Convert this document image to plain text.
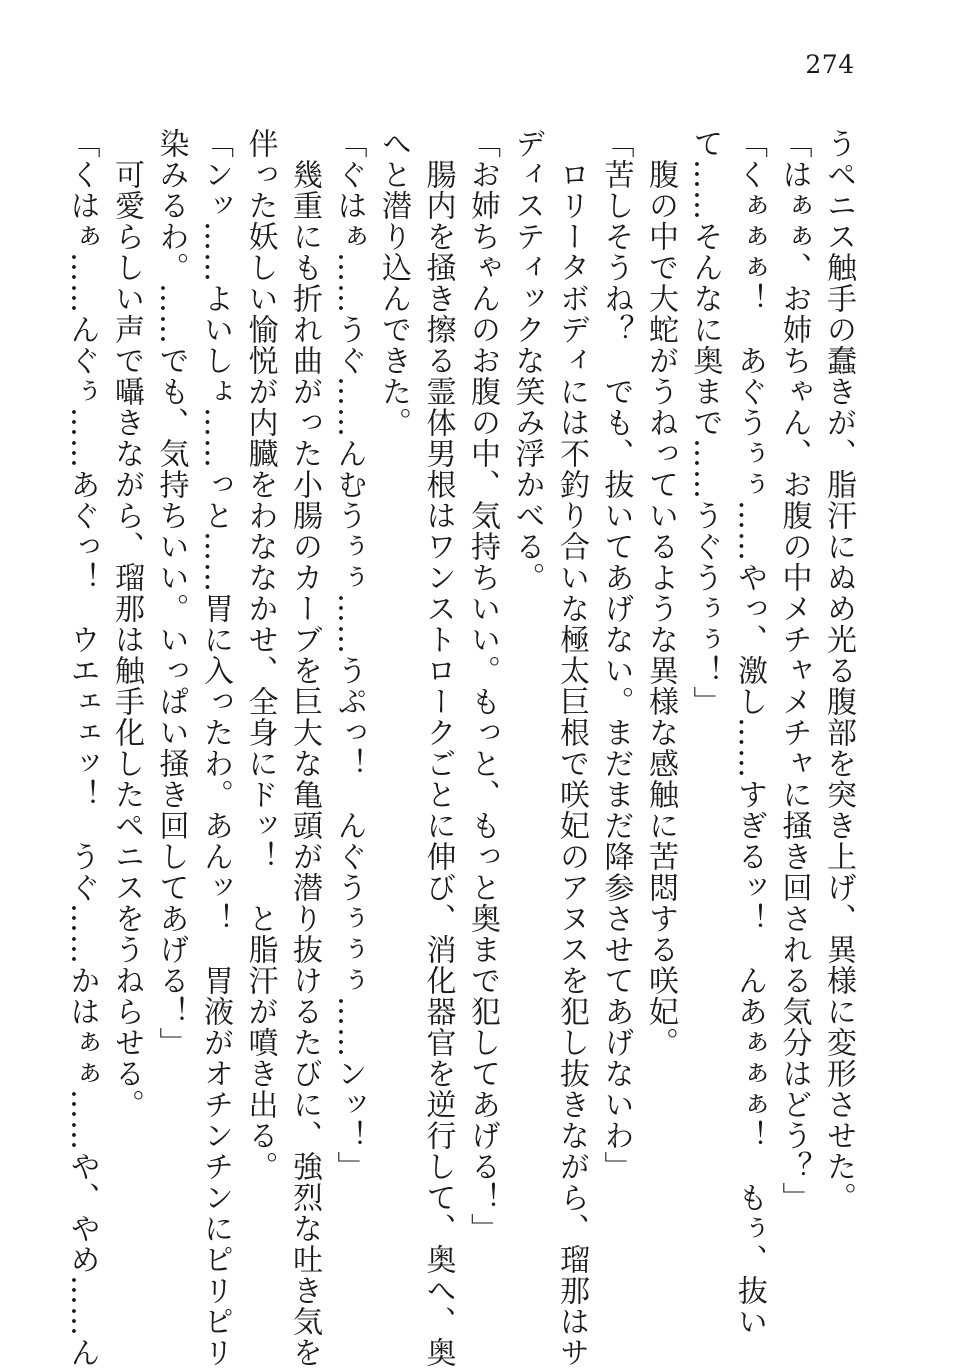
274
うペニス触手の蠢きが、脂汗にぬめ光る腹部を突き上げ、異様に変形させた。
「はぁぁ、お姉ちゃん、お腹の中メチャメチャに掻き回される気分はどう？」
「くぁぁぁ！　あぐうぅぅ……やっ、激し……すぎるッ！　んあぁぁぁ！　もぅ、抜い
て……そんなに奥まで……うぐうぅぅ！」
　腹の中で大蛇がうねっているような異様な感触に苦悶する咲妃。
「苦しそうね？　でも、抜いてあげない。まだまだ降参させてあげないわ」
　ロリータボディには不釣り合いな極太巨根で咲妃のアヌスを犯し抜きながら、瑠那はサ
ディスティックな笑み浮かべる。
「お姉ちゃんのお腹の中、気持ちいい。もっと、もっと奥まで犯してあげる！」
　腸内を掻き擦る霊体男根はワンストロークごとに伸び、消化器官を逆行して、奥へ、奥
へと潜り込んできた。
「ぐはぁ……うぐ……んむうぅぅ……うぷっ！　んぐうぅぅぅ……ンッ！」
　幾重にも折れ曲がった小腸のカーブを巨大な亀頭が潜り抜けるたびに、強烈な吐き気を
伴った妖しい愉悦が内臓をわななかせ、全身にドッ！　と脂汗が噴き出る。
「ンッ……よいしょ……っと……胃に入ったわ。あんッ！　胃液がオチンチンにピリピリ
染みるわ。……でも、気持ちいい。いっぱい掻き回してあげる！」
　可愛らしい声で囁きながら、瑠那は触手化したペニスをうねらせる。
「くはぁ……んぐぅ……あぐっ！　ウエェェッ！　うぐ……かはぁぁ……や、やめ……ん
